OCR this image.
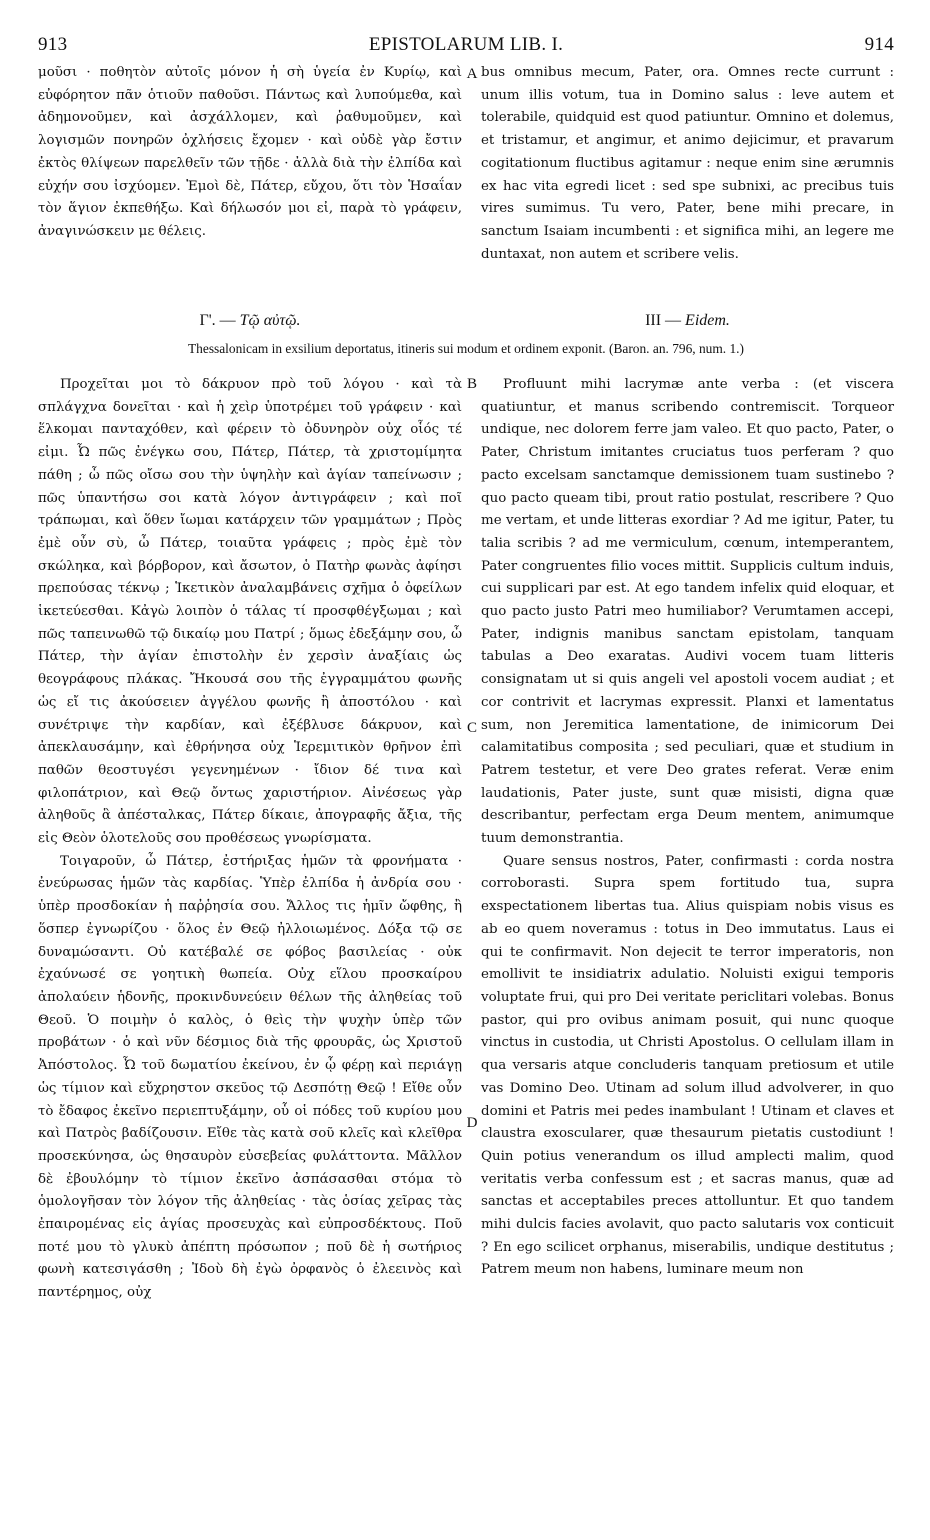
913	EPISTOLARUM LIB. I.	914
A
B
C
D

μοῦσι · ποθητὸν αὐτοῖς μόνον ἡ σὴ ὑγεία ἐν Κυρίῳ, καὶ εὐφόρητον πᾶν ὁτιοῦν παθοῦσι. Πάντως καὶ λυπούμεθα, καὶ ἀδημονοῦμεν, καὶ ἀσχάλλομεν, καὶ ῥαθυμοῦμεν, καὶ λογισμῶν πονηρῶν ὀχλήσεις ἔχομεν · καὶ οὐδὲ γὰρ ἔστιν ἐκτὸς θλίψεων παρελθεῖν τῶν τῇδε · ἀλλὰ διὰ τὴν ἐλπίδα καὶ εὐχήν σου ἰσχύομεν. Ἐμοὶ δὲ, Πάτερ, εὔχου, ὅτι τὸν Ἡσαΐαν τὸν ἅγιον ἐκπεθήξω. Καὶ δήλωσόν μοι εἰ, παρὰ τὸ γράφειν, ἀναγινώσκειν με θέλεις.

bus omnibus mecum, Pater, ora. Omnes recte currunt : unum illis votum, tua in Domino salus : leve autem et tolerabile, quidquid est quod patiuntur. Omnino et dolemus, et tristamur, et angimur, et animo dejicimur, et pravarum cogitationum fluctibus agitamur : neque enim sine ærumnis ex hac vita egredi licet : sed spe subnixi, ac precibus tuis vires sumimus. Tu vero, Pater, bene mihi precare, in sanctum Isaiam incumbenti : et significa mihi, an legere me duntaxat, non autem et scribere velis.

Γ'. — Τῷ αὐτῷ.	III — Eidem.
Thessalonicam in exsilium deportatus, itineris sui modum et ordinem exponit. (Baron. an. 796, num. 1.)

Προχεῖται μοι τὸ δάκρυον πρὸ τοῦ λόγου · καὶ τὰ σπλάγχνα δονεῖται · καὶ ἡ χεὶρ ὑποτρέμει τοῦ γράφειν · καὶ ἕλκομαι πανταχόθεν, καὶ φέρειν τὸ ὀδυνηρὸν οὐχ οἷός τέ εἰμι. Ὦ πῶς ἐνέγκω σου, Πάτερ, Πάτερ, τὰ χριστομίμητα πάθη ; ὦ πῶς οἴσω σου τὴν ὑψηλὴν καὶ ἁγίαν ταπείνωσιν ; πῶς ὑπαντήσω σοι κατὰ λόγον ἀντιγράφειν ; καὶ ποῖ τράπωμαι, καὶ ὅθεν ἴωμαι κατάρχειν τῶν γραμμάτων ; Πρὸς ἐμὲ οὖν σὺ, ὦ Πάτερ, τοιαῦτα γράφεις ; πρὸς ἐμὲ τὸν σκώληκα, καὶ βόρβορον, καὶ ἄσωτον, ὁ Πατὴρ φωνὰς ἀφίησι πρεπούσας τέκνῳ ; Ἱκετικὸν ἀναλαμβάνεις σχῆμα ὁ ὀφείλων ἱκετεύεσθαι. Κἀγὼ λοιπὸν ὁ τάλας τί προσφθέγξωμαι ; καὶ πῶς ταπεινωθῶ τῷ δικαίῳ μου Πατρί ; ὅμως ἐδεξάμην σου, ὦ Πάτερ, τὴν ἁγίαν ἐπιστολὴν ἐν χερσὶν ἀναξίαις ὡς θεογράφους πλάκας. Ἤκουσά σου τῆς ἐγγραμμάτου φωνῆς ὡς εἴ τις ἀκούσειεν ἀγγέλου φωνῆς ἢ ἀποστόλου · καὶ συνέτριψε τὴν καρδίαν, καὶ ἐξέβλυσε δάκρυον, καὶ ἀπεκλαυσάμην, καὶ ἐθρήνησα οὐχ Ἱερεμιτικὸν θρῆνον ἐπὶ παθῶν θεοστυγέσι γεγενημένων · ἴδιον δέ τινα καὶ φιλοπάτριον, καὶ Θεῷ ὄντως χαριστήριον. Αἰνέσεως γὰρ ἀληθοῦς ἃ ἀπέσταλκας, Πάτερ δίκαιε, ἀπογραφῆς ἄξια, τῆς εἰς Θεὸν ὁλοτελοῦς σου προθέσεως γνωρίσματα.

Τοιγαροῦν, ὦ Πάτερ, ἐστήριξας ἡμῶν τὰ φρονήματα · ἐνεύρωσας ἡμῶν τὰς καρδίας. Ὑπὲρ ἐλπίδα ἡ ἀνδρία σου · ὑπὲρ προσδοκίαν ἡ παῤῥησία σου. Ἄλλος τις ἡμῖν ὤφθης, ἢ ὅσπερ ἐγνωρίζου · ὅλος ἐν Θεῷ ἠλλοιωμένος. Δόξα τῷ σε δυναμώσαντι. Οὐ κατέβαλέ σε φόβος βασιλείας · οὐκ ἐχαύνωσέ σε γοητικὴ θωπεία. Οὐχ εἵλου προσκαίρου ἀπολαύειν ἡδονῆς, προκινδυνεύειν θέλων τῆς ἀληθείας τοῦ Θεοῦ. Ὁ ποιμὴν ὁ καλὸς, ὁ θεὶς τὴν ψυχὴν ὑπὲρ τῶν προβάτων · ὁ καὶ νῦν δέσμιος διὰ τῆς φρουρᾶς, ὡς Χριστοῦ Ἀπόστολος. Ὦ τοῦ δωματίου ἐκείνου, ἐν ᾧ φέρῃ καὶ περιάγῃ ὡς τίμιον καὶ εὔχρηστον σκεῦος τῷ Δεσπότῃ Θεῷ ! Εἴθε οὖν τὸ ἔδαφος ἐκεῖνο περιεπτυξάμην, οὗ οἱ πόδες τοῦ κυρίου μου καὶ Πατρὸς βαδίζουσιν. Εἴθε τὰς κατὰ σοῦ κλεῖς καὶ κλεῖθρα προσεκύνησα, ὡς θησαυρὸν εὐσεβείας φυλάττοντα. Μᾶλλον δὲ ἐβουλόμην τὸ τίμιον ἐκεῖνο ἀσπάσασθαι στόμα τὸ ὁμολογῆσαν τὸν λόγον τῆς ἀληθείας · τὰς ὁσίας χεῖρας τὰς ἐπαιρομένας εἰς ἁγίας προσευχὰς καὶ εὐπροσδέκτους. Ποῦ ποτέ μου τὸ γλυκὺ ἀπέπτη πρόσωπον ; ποῦ δὲ ἡ σωτήριος φωνὴ κατεσιγάσθη ; Ἰδοὺ δὴ ἐγὼ ὀρφανὸς ὁ ἐλεεινὸς καὶ παντέρημος, οὐχ

Profluunt mihi lacrymæ ante verba : (et viscera quatiuntur, et manus scribendo contremiscit. Torqueor undique, nec dolorem ferre jam valeo. Et quo pacto, Pater, o Pater, Christum imitantes cruciatus tuos perferam ? quo pacto excelsam sanctamque demissionem tuam sustinebo ? quo pacto queam tibi, prout ratio postulat, rescribere ? Quo me vertam, et unde litteras exordiar ? Ad me igitur, Pater, tu talia scribis ? ad me vermiculum, cœnum, intemperantem, Pater congruentes filio voces mittit. Supplicis cultum induis, cui supplicari par est. At ego tandem infelix quid eloquar, et quo pacto justo Patri meo humiliabor? Verumtamen accepi, Pater, indignis manibus sanctam epistolam, tanquam tabulas a Deo exaratas. Audivi vocem tuam litteris consignatam ut si quis angeli vel apostoli vocem audiat ; et cor contrivit et lacrymas expressit. Planxi et lamentatus sum, non Jeremitica lamentatione, de inimicorum Dei calamitatibus composita ; sed peculiari, quæ et studium in Patrem testetur, et vere Deo grates referat. Veræ enim laudationis, Pater juste, sunt quæ misisti, digna quæ describantur, perfectam erga Deum mentem, animumque tuum demonstrantia.

Quare sensus nostros, Pater, confirmasti : corda nostra corroborasti. Supra spem fortitudo tua, supra exspectationem libertas tua. Alius quispiam nobis visus es ab eo quem noveramus : totus in Deo immutatus. Laus ei qui te confirmavit. Non dejecit te terror imperatoris, non emollivit te insidiatrix adulatio. Noluisti exigui temporis voluptate frui, qui pro Dei veritate periclitari volebas. Bonus pastor, qui pro ovibus animam posuit, qui nunc quoque vinctus in custodia, ut Christi Apostolus. O cellulam illam in qua versaris atque concluderis tanquam pretiosum et utile vas Domino Deo. Utinam ad solum illud advolverer, in quo domini et Patris mei pedes inambulant ! Utinam et claves et claustra exoscularer, quæ thesaurum pietatis custodiunt ! Quin potius venerandum os illud amplecti malim, quod veritatis verba confessum est ; et sacras manus, quæ ad sanctas et acceptabiles preces attolluntur. Et quo tandem mihi dulcis facies avolavit, quo pacto salutaris vox conticuit ? En ego scilicet orphanus, miserabilis, undique destitutus ; Patrem meum non habens, luminare meum non
